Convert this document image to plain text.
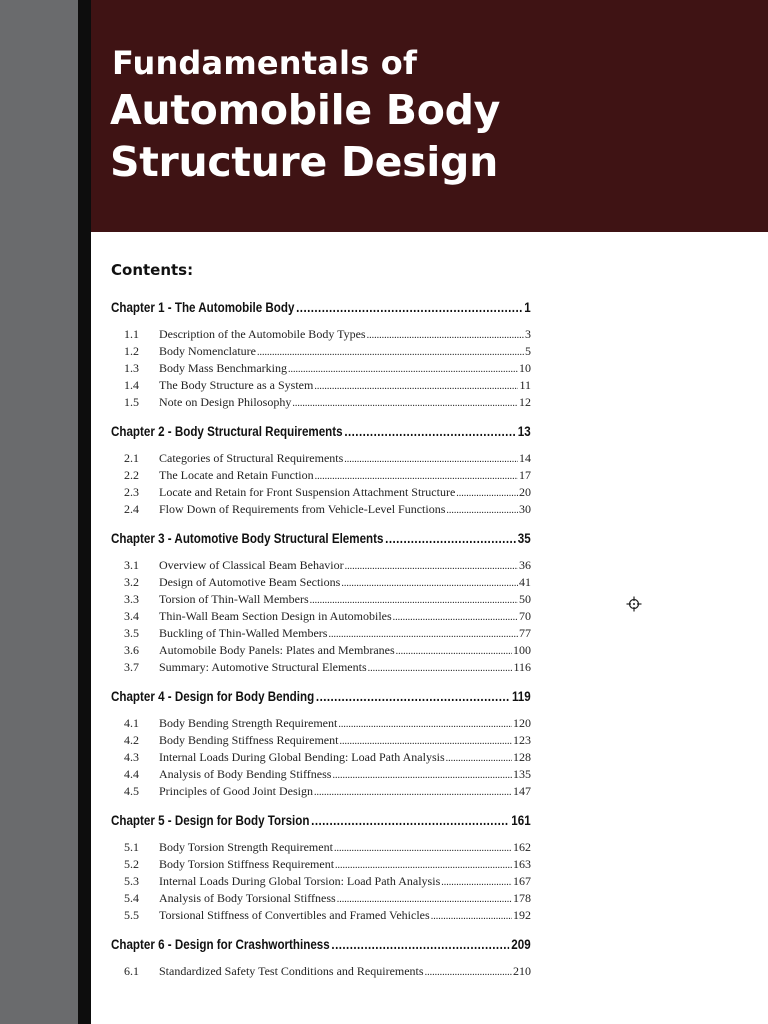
Fundamentals of
Automobile Body
Structure Design
Contents:
Chapter 1 - The Automobile Body .....	1
1.1	Description of the Automobile Body Types .....	3
1.2	Body Nomenclature .....	5
1.3	Body Mass Benchmarking .....	10
1.4	The Body Structure as a System .....	11
1.5	Note on Design Philosophy .....	12
Chapter 2 - Body Structural Requirements .....	13
2.1	Categories of Structural Requirements .....	14
2.2	The Locate and Retain Function .....	17
2.3	Locate and Retain for Front Suspension Attachment Structure .....	20
2.4	Flow Down of Requirements from Vehicle-Level Functions .....	30
Chapter 3 - Automotive Body Structural Elements .....	35
3.1	Overview of Classical Beam Behavior .....	36
3.2	Design of Automotive Beam Sections .....	41
3.3	Torsion of Thin-Wall Members .....	50
3.4	Thin-Wall Beam Section Design in Automobiles .....	70
3.5	Buckling of Thin-Walled Members .....	77
3.6	Automobile Body Panels: Plates and Membranes .....	100
3.7	Summary: Automotive Structural Elements .....	116
Chapter 4 - Design for Body Bending .....	119
4.1	Body Bending Strength Requirement .....	120
4.2	Body Bending Stiffness Requirement .....	123
4.3	Internal Loads During Global Bending: Load Path Analysis .....	128
4.4	Analysis of Body Bending Stiffness .....	135
4.5	Principles of Good Joint Design .....	147
Chapter 5 - Design for Body Torsion .....	161
5.1	Body Torsion Strength Requirement .....	162
5.2	Body Torsion Stiffness Requirement .....	163
5.3	Internal Loads During Global Torsion: Load Path Analysis .....	167
5.4	Analysis of Body Torsional Stiffness .....	178
5.5	Torsional Stiffness of Convertibles and Framed Vehicles .....	192
Chapter 6 - Design for Crashworthiness .....	209
6.1	Standardized Safety Test Conditions and Requirements .....	210
